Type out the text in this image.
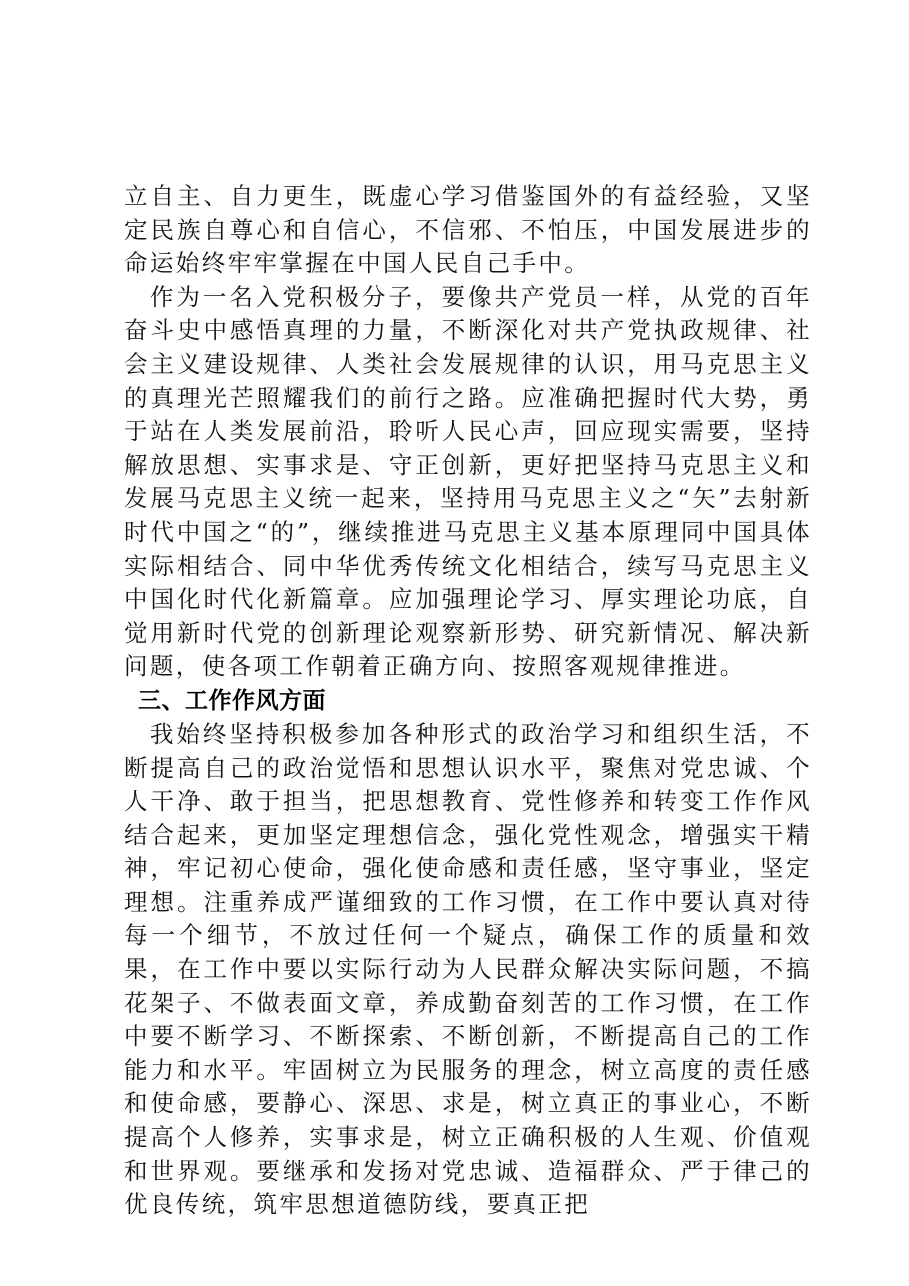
立自主、自力更生，既虚心学习借鉴国外的有益经验，又坚定民族自尊心和自信心，不信邪、不怕压，中国发展进步的命运始终牢牢掌握在中国人民自己手中。

作为一名入党积极分子，要像共产党员一样，从党的百年奋斗史中感悟真理的力量，不断深化对共产党执政规律、社会主义建设规律、人类社会发展规律的认识，用马克思主义的真理光芒照耀我们的前行之路。应准确把握时代大势，勇于站在人类发展前沿，聆听人民心声，回应现实需要，坚持解放思想、实事求是、守正创新，更好把坚持马克思主义和发展马克思主义统一起来，坚持用马克思主义之“矢”去射新时代中国之“的”，继续推进马克思主义基本原理同中国具体实际相结合、同中华优秀传统文化相结合，续写马克思主义中国化时代化新篇章。应加强理论学习、厚实理论功底，自觉用新时代党的创新理论观察新形势、研究新情况、解决新问题，使各项工作朝着正确方向、按照客观规律推进。

三、工作作风方面

我始终坚持积极参加各种形式的政治学习和组织生活，不断提高自己的政治觉悟和思想认识水平，聚焦对党忠诚、个人干净、敢于担当，把思想教育、党性修养和转变工作作风结合起来，更加坚定理想信念，强化党性观念，增强实干精神，牢记初心使命，强化使命感和责任感，坚守事业，坚定理想。注重养成严谨细致的工作习惯，在工作中要认真对待每一个细节，不放过任何一个疑点，确保工作的质量和效果，在工作中要以实际行动为人民群众解决实际问题，不搞花架子、不做表面文章，养成勤奋刻苦的工作习惯，在工作中要不断学习、不断探索、不断创新，不断提高自己的工作能力和水平。牢固树立为民服务的理念，树立高度的责任感和使命感，要静心、深思、求是，树立真正的事业心，不断提高个人修养，实事求是，树立正确积极的人生观、价值观和世界观。要继承和发扬对党忠诚、造福群众、严于律己的优良传统，筑牢思想道德防线，要真正把
